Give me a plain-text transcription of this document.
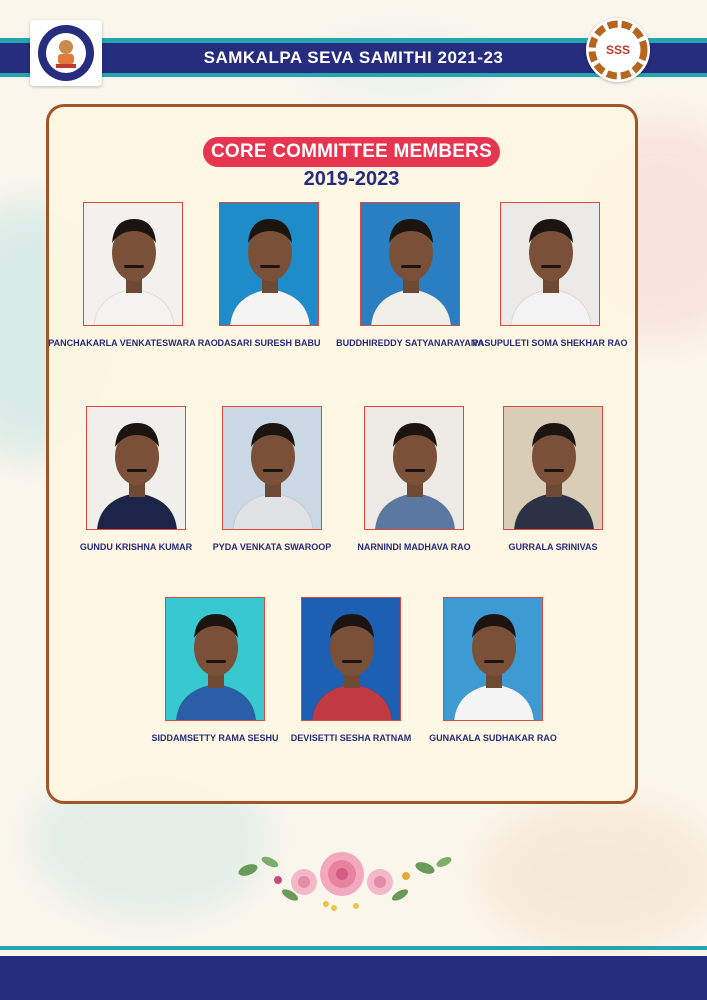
SAMKALPA SEVA SAMITHI 2021-23	SSS
CORE COMMITTEE MEMBERS
2019-2023
PANCHAKARLA VENKATESWARA RAO DASARI SURESH BABU	BUDDHIREDDY SATYANARAYANA
PASUPULETI SOMA SHEKHAR RAO
GUNDU KRISHNA KUMAR	PYDA VENKATA SWAROOP	NARNINDI MADHAVA RAO	GURRALA SRINIVAS
SIDDAMSETTY RAMA SESHU	DEVISETTI SESHA RATNAM	GUNAKALA SUDHAKAR RAO
